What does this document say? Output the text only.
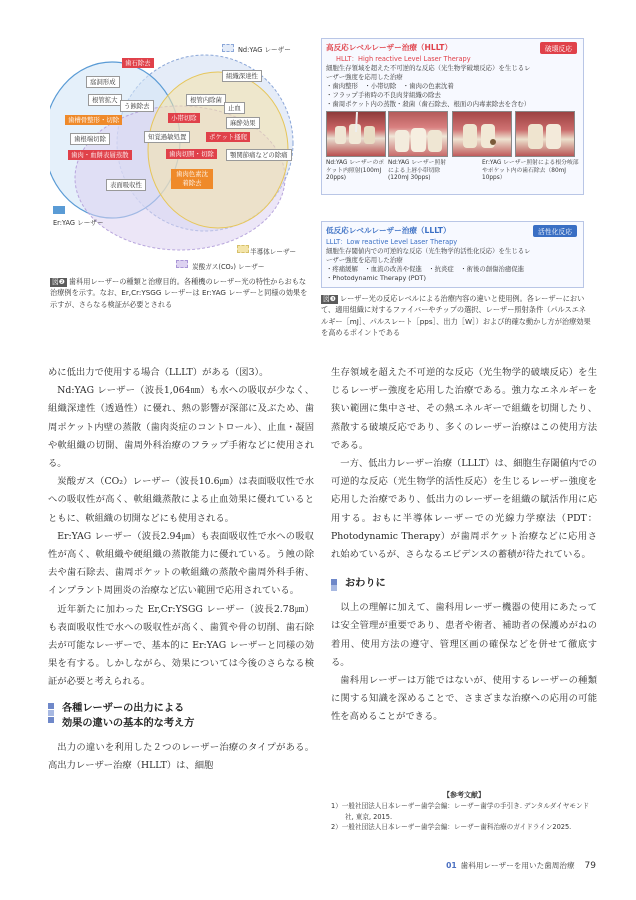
Nd:YAG レーザー
Er:YAG レーザー
半導体レーザー
炭酸ガス(CO₂) レーザー
歯石除去
窩洞形成
根管拡大
う蝕除去
歯槽骨整形・切除
歯根端切除
歯肉・血餅表層蒸散
表面吸収性
組織深達性
根管内除菌
小帯切除
止血
麻酔効果
知覚過敏処置	ポケット搔爬
歯肉切開・切除	顎関節痛などの除痛
歯肉色素沈着除去
図❷ 歯科用レーザーの種類と治療目的。各種機のレーザー光の特性からおもな治療例を示す。なお、Er,Cr:YSGG レーザーは Er:YAG レーザーと同様の効果を示すが、さらなる検証が必要とされる
高反応レベルレーザー治療（HLLT）	破壊反応
HLLT：High reactive Level Laser Therapy
細胞生存領域を超えた不可逆的な反応（光生物学破壊反応）を生じるレ
ーザー強度を応用した治療
・歯肉整形　・小帯切除　・歯肉の色素沈着
・フラップ手術時の不良肉芽組織の除去
・歯周ポケット内の蒸散・殺菌（歯石除去、根面の内毒素除去を含む）
Nd:YAG レーザーのポケット内照射(100mJ 20pps)
Nd:YAG レーザー照射による上唇小帯切除(120mJ 30pps)
Er:YAG レーザー照射による根分岐部やポケット内の歯石除去（80mJ 10pps）
低反応レベルレーザー治療（LLLT）	活性化反応
LLLT：Low reactive Level Laser Therapy
細胞生存閾値内での可逆的な反応（光生物学的活性化反応）を生じるレ
ーザー強度を応用した治療
・疼痛緩解　・血流の改善や促進　・抗炎症　・術後の創傷治癒促進
・Photodynamic Therapy (PDT)
図❸ レーザー光の反応レベルによる治療内容の違いと使用例。各レーザーにおいて、適用組織に対するファイバーやチップの選択、レーザー照射条件（パルスエネルギー［mJ］、パルスレート［pps］、出力［W］）および的確な動かし方が治療効果を高めるポイントである

めに低出力で使用する場合（LLLT）がある（図3）。

Nd:YAG レーザー（波長1,064㎚）も水への吸収が少なく、組織深達性（透過性）に優れ、熱の影響が深部に及ぶため、歯周ポケット内壁の蒸散（歯肉炎症のコントロール）、止血・凝固や軟組織の切開、歯周外科治療のフラップ手術などに使用される。

炭酸ガス（CO₂）レーザー（波長10.6㎛）は表面吸収性で水への吸収性が高く、軟組織蒸散による止血効果に優れているとともに、軟組織の切開などにも使用される。

Er:YAG レーザー（波長2.94㎛）も表面吸収性で水への吸収性が高く、軟組織や硬組織の蒸散能力に優れている。う蝕の除去や歯石除去、歯周ポケットの軟組織の蒸散や歯周外科手術、インプラント周囲炎の治療など広い範囲で応用されている。

近年新たに加わった Er,Cr:YSGG レーザー（波長2.78㎛）も表面吸収性で水への吸収性が高く、歯質や骨の切削、歯石除去が可能なレーザーで、基本的に Er:YAG レーザーと同様の効果を有する。しかしながら、効果については今後のさらなる検証が必要と考えられる。

各種レーザーの出力による
効果の違いの基本的な考え方

出力の違いを利用した２つのレーザー治療のタイプがある。高出力レーザー治療（HLLT）は、細胞

生存領域を超えた不可逆的な反応（光生物学的破壊反応）を生じるレーザー強度を応用した治療である。強力なエネルギーを狭い範囲に集中させ、その熱エネルギーで組織を切開したり、蒸散する破壊反応であり、多くのレーザー治療はこの使用方法である。

一方、低出力レーザー治療（LLLT）は、細胞生存閾値内での可逆的な反応（光生物学的活性反応）を生じるレーザー強度を応用した治療であり、低出力のレーザーを組織の賦活作用に応用する。おもに半導体レーザーでの光線力学療法（PDT：Photodynamic Therapy）が歯周ポケット治療などに応用され始めているが、さらなるエビデンスの蓄積が待たれている。

おわりに

以上の理解に加えて、歯科用レーザー機器の使用にあたっては安全管理が重要であり、患者や術者、補助者の保護めがねの着用、使用方法の遵守、管理区画の確保などを併せて徹底する。

歯科用レーザーは万能ではないが、使用するレーザーの種類に関する知識を深めることで、さまざまな治療への応用の可能性を高めることができる。

【参考文献】
1）一般社団法人日本レーザー歯学会編：レーザー歯学の手引き. デンタルダイヤモンド社, 東京, 2015.
2）一般社団法人日本レーザー歯学会編：レーザー歯科治療のガイドライン2025.
01 歯科用レーザーを用いた歯周治療 79
